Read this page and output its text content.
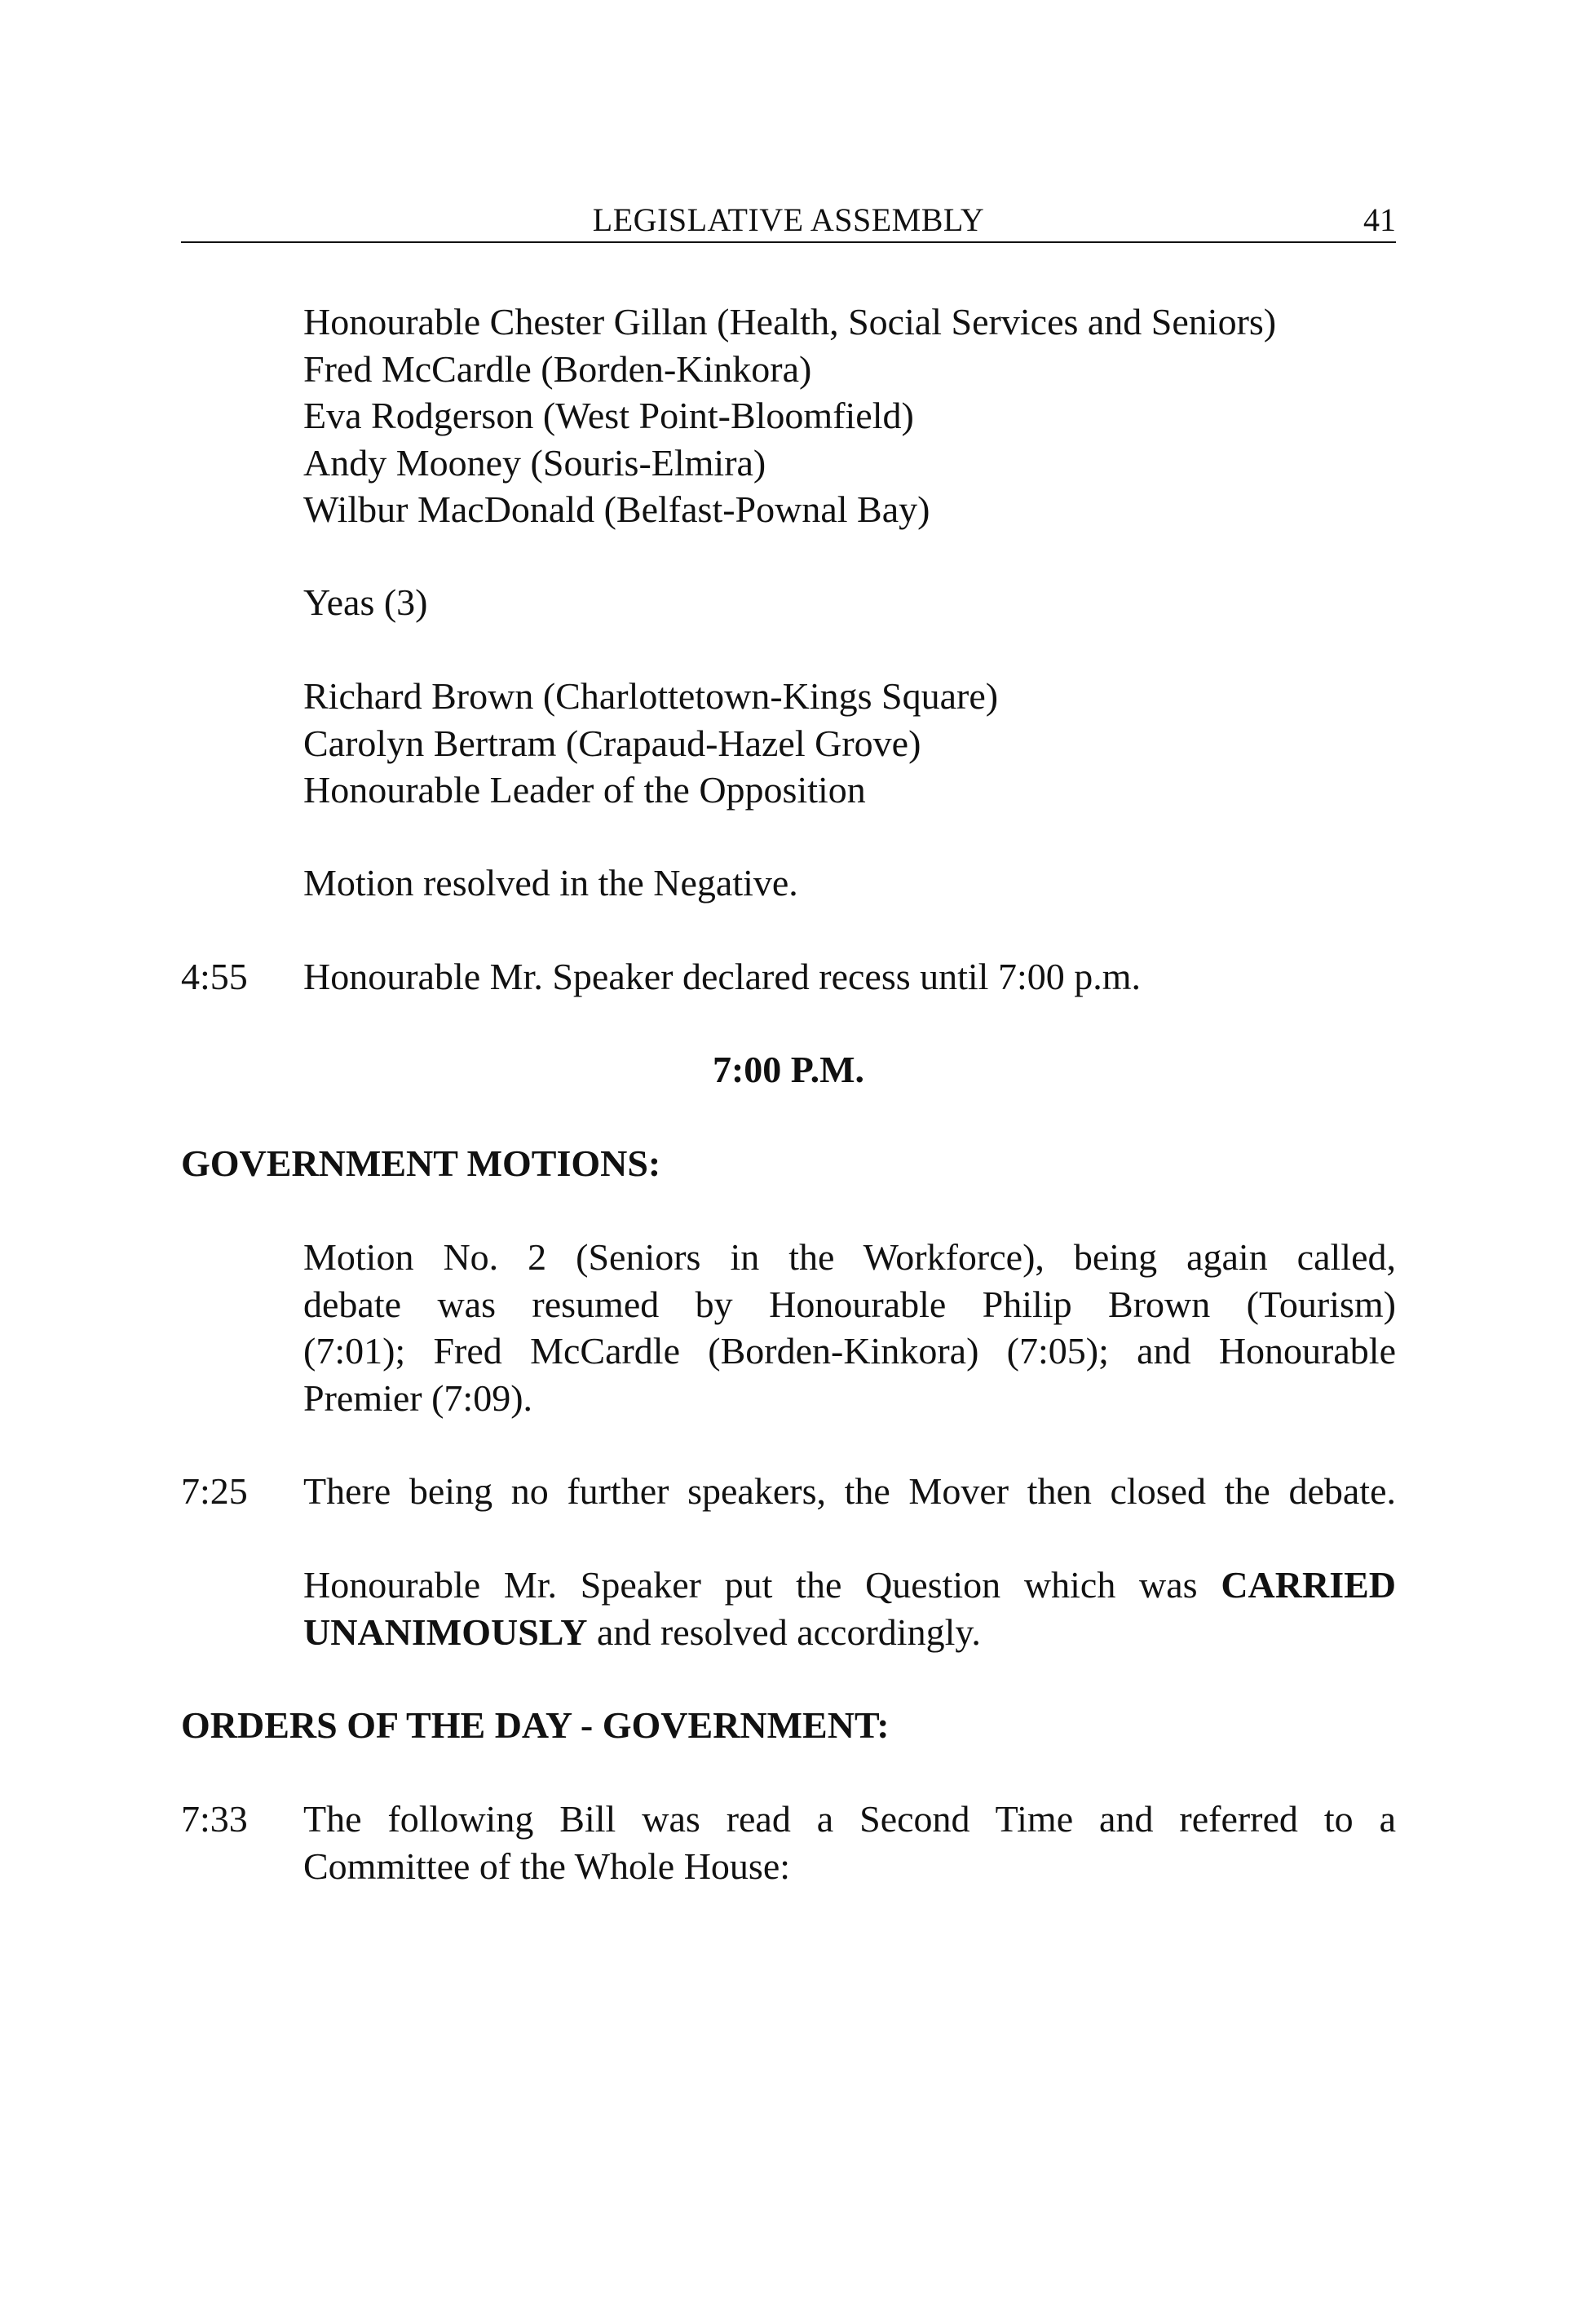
LEGISLATIVE ASSEMBLY	41
Honourable Chester Gillan (Health, Social Services and Seniors)
Fred McCardle (Borden-Kinkora)
Eva Rodgerson (West Point-Bloomfield)
Andy Mooney (Souris-Elmira)
Wilbur MacDonald (Belfast-Pownal Bay)
Yeas (3)
Richard Brown (Charlottetown-Kings Square)
Carolyn Bertram (Crapaud-Hazel Grove)
Honourable Leader of the Opposition
Motion resolved in the Negative.
4:55 Honourable Mr. Speaker declared recess until 7:00 p.m.
7:00 P.M.
GOVERNMENT MOTIONS:
Motion No. 2 (Seniors in the Workforce), being again called,
debate was resumed by Honourable Philip Brown (Tourism)
(7:01); Fred McCardle (Borden-Kinkora) (7:05); and Honourable
Premier (7:09).
7:25 There being no further speakers, the Mover then closed the debate.
Honourable Mr. Speaker put the Question which was CARRIED
UNANIMOUSLY and resolved accordingly.
ORDERS OF THE DAY - GOVERNMENT:
7:33 The following Bill was read a Second Time and referred to a
Committee of the Whole House:
